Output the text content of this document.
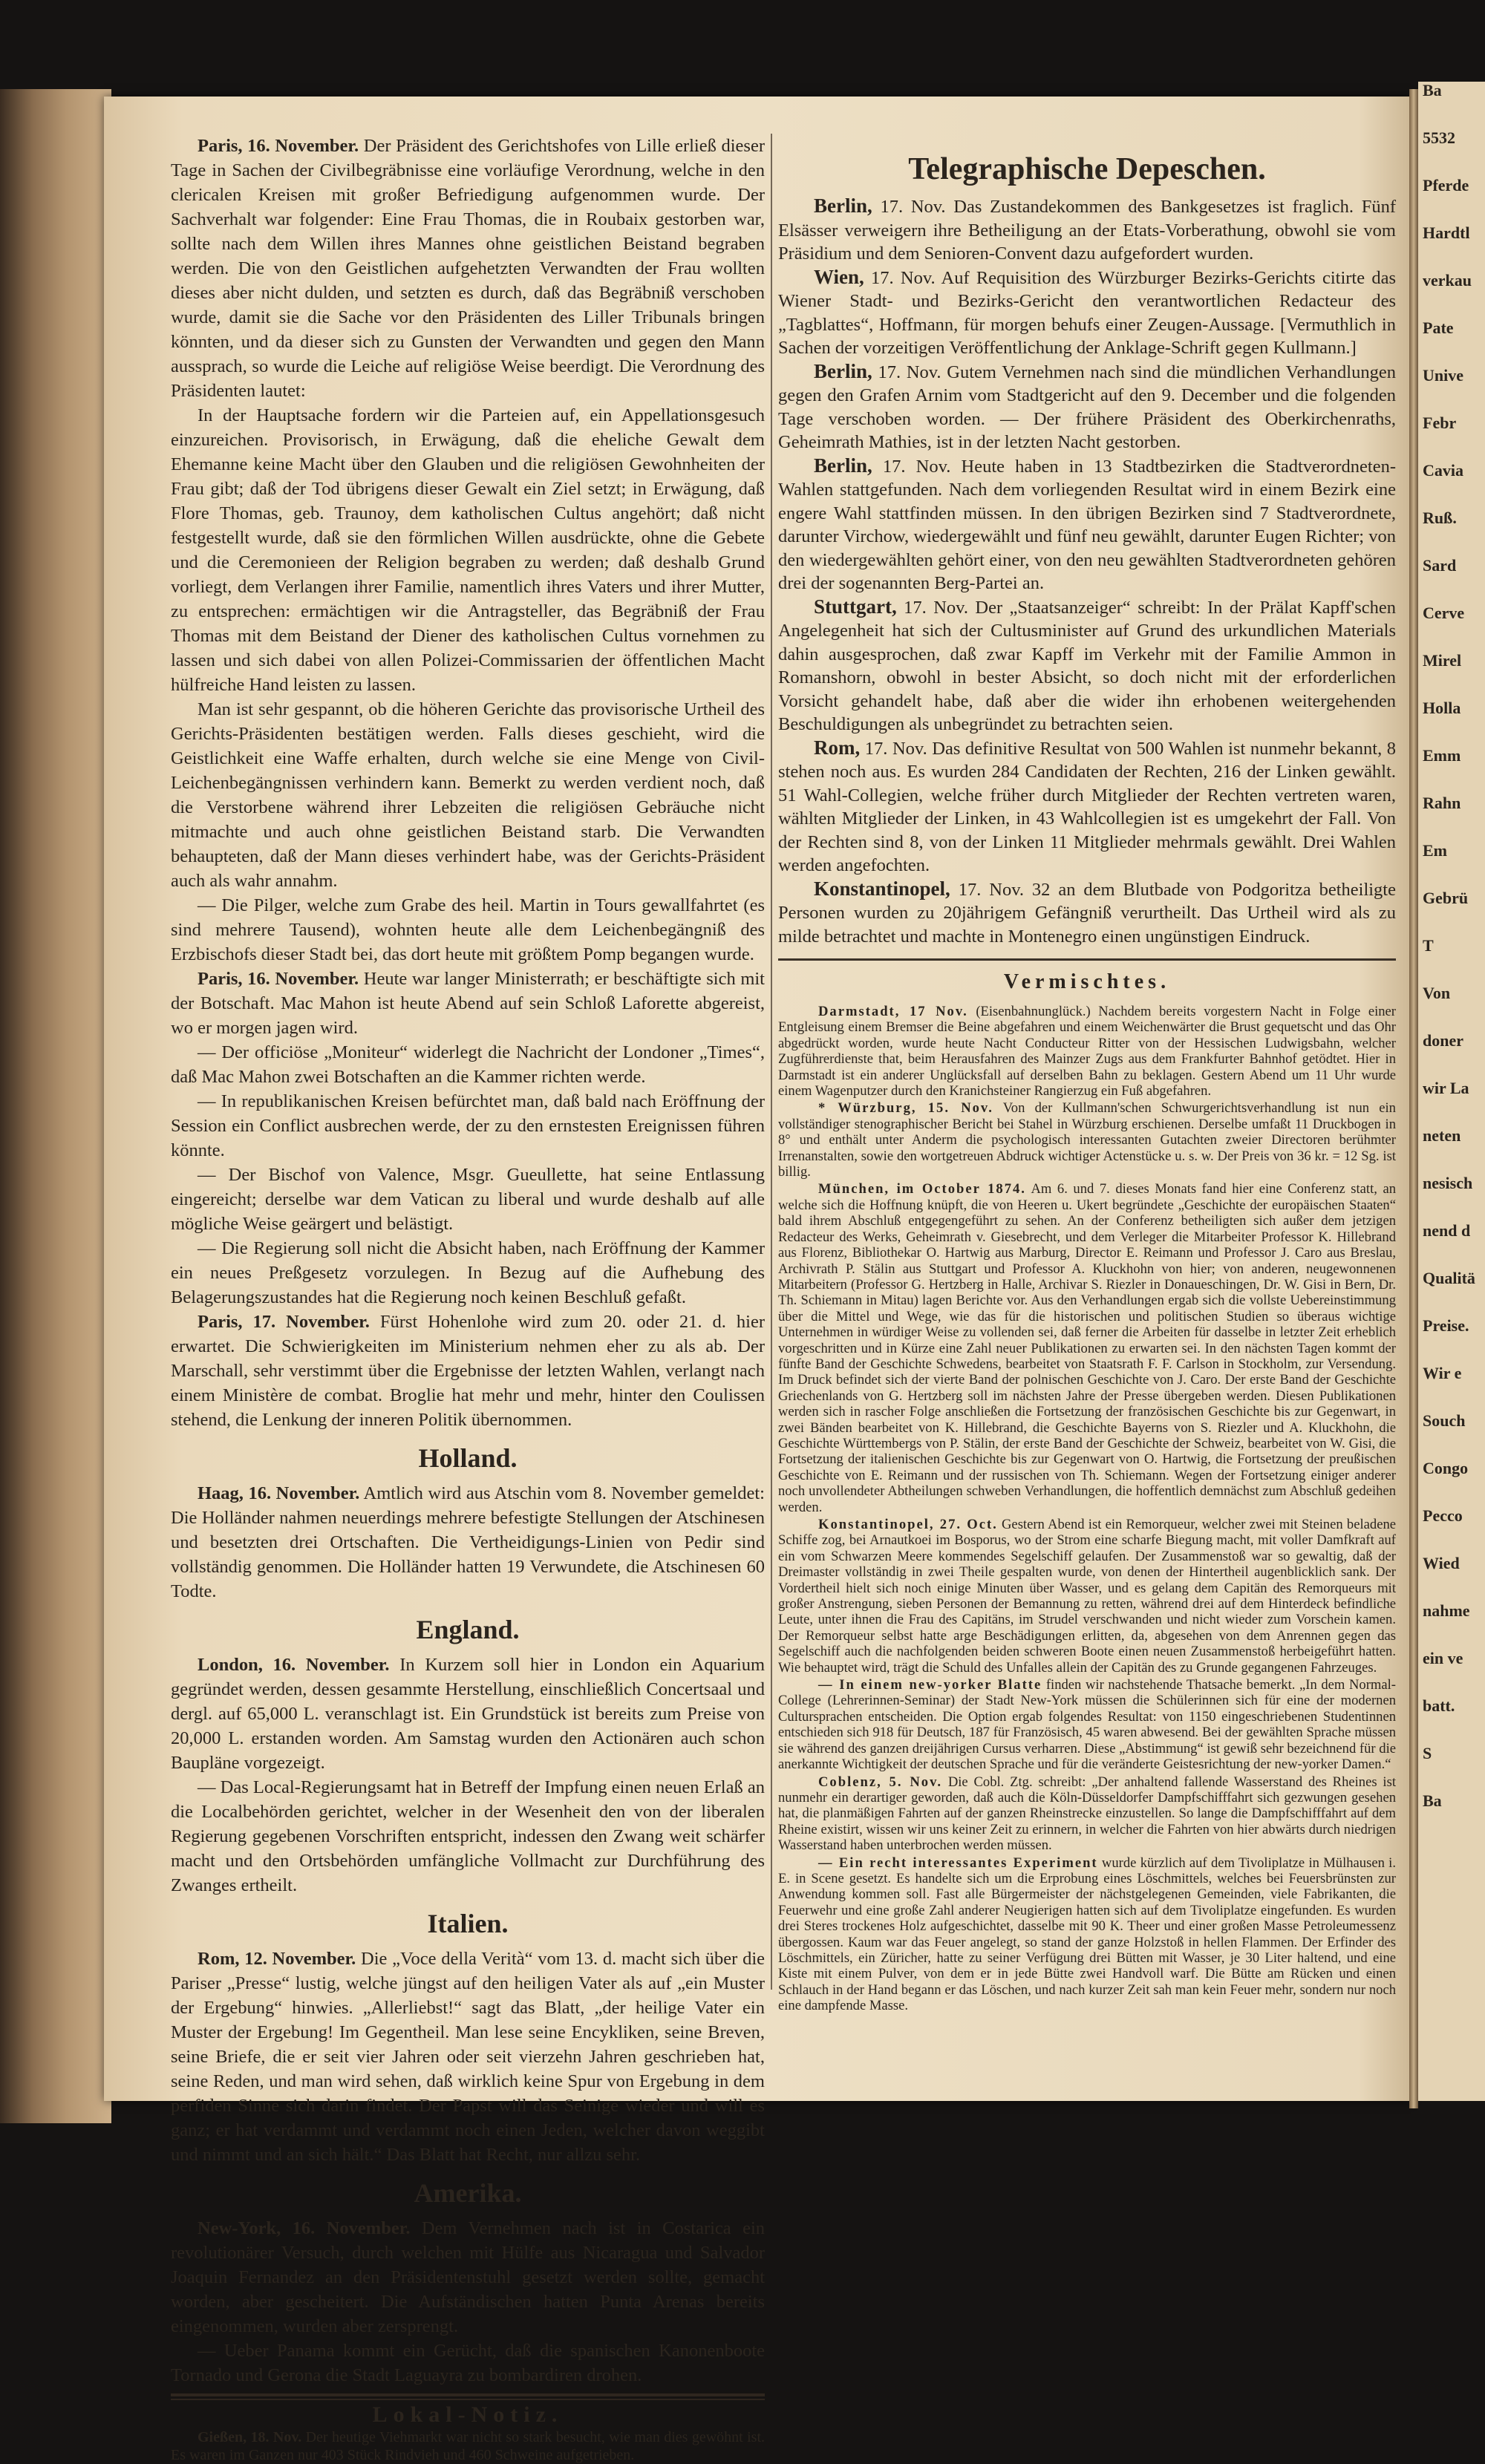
Ba
5532
Pferde
Hardtl
verkau
Pate
Unive
Febr
Cavia
Ruß.
Sard
Cerve
Mirel
Holla
Emm
Rahn
Em
Gebrü
T
Von
doner
wir La
neten
nesisch
nend d
Qualitä
Preise.
Wir e
Souch
Congo
Pecco
Wied
nahme
ein ve
batt.
S
Ba

Paris, 16. November. Der Präsident des Gerichtshofes von Lille erließ dieser Tage in Sachen der Civilbegräbnisse eine vorläufige Verordnung, welche in den clericalen Kreisen mit großer Befriedigung aufgenommen wurde. Der Sachverhalt war folgender: Eine Frau Thomas, die in Roubaix gestorben war, sollte nach dem Willen ihres Mannes ohne geistlichen Beistand begraben werden. Die von den Geistlichen aufgehetzten Verwandten der Frau wollten dieses aber nicht dulden, und setzten es durch, daß das Begräbniß verschoben wurde, damit sie die Sache vor den Präsidenten des Liller Tribunals bringen könnten, und da dieser sich zu Gunsten der Verwandten und gegen den Mann aussprach, so wurde die Leiche auf religiöse Weise beerdigt. Die Verordnung des Präsidenten lautet:

In der Hauptsache fordern wir die Parteien auf, ein Appellationsgesuch einzureichen. Provisorisch, in Erwägung, daß die eheliche Gewalt dem Ehemanne keine Macht über den Glauben und die religiösen Gewohnheiten der Frau gibt; daß der Tod übrigens dieser Gewalt ein Ziel setzt; in Erwägung, daß Flore Thomas, geb. Traunoy, dem katholischen Cultus angehört; daß nicht festgestellt wurde, daß sie den förmlichen Willen ausdrückte, ohne die Gebete und die Ceremonieen der Religion begraben zu werden; daß deshalb Grund vorliegt, dem Verlangen ihrer Familie, namentlich ihres Vaters und ihrer Mutter, zu entsprechen: ermächtigen wir die Antragsteller, das Begräbniß der Frau Thomas mit dem Beistand der Diener des katholischen Cultus vornehmen zu lassen und sich dabei von allen Polizei-Commissarien der öffentlichen Macht hülfreiche Hand leisten zu lassen.

Man ist sehr gespannt, ob die höheren Gerichte das provisorische Urtheil des Gerichts-Präsidenten bestätigen werden. Falls dieses geschieht, wird die Geistlichkeit eine Waffe erhalten, durch welche sie eine Menge von Civil-Leichenbegängnissen verhindern kann. Bemerkt zu werden verdient noch, daß die Verstorbene während ihrer Lebzeiten die religiösen Gebräuche nicht mitmachte und auch ohne geistlichen Beistand starb. Die Verwandten behaupteten, daß der Mann dieses verhindert habe, was der Gerichts-Präsident auch als wahr annahm.

— Die Pilger, welche zum Grabe des heil. Martin in Tours gewallfahrtet (es sind mehrere Tausend), wohnten heute alle dem Leichenbegängniß des Erzbischofs dieser Stadt bei, das dort heute mit größtem Pomp begangen wurde.

Paris, 16. November. Heute war langer Ministerrath; er beschäftigte sich mit der Botschaft. Mac Mahon ist heute Abend auf sein Schloß Laforette abgereist, wo er morgen jagen wird.

— Der officiöse „Moniteur“ widerlegt die Nachricht der Londoner „Times“, daß Mac Mahon zwei Botschaften an die Kammer richten werde.

— In republikanischen Kreisen befürchtet man, daß bald nach Eröffnung der Session ein Conflict ausbrechen werde, der zu den ernstesten Ereignissen führen könnte.

— Der Bischof von Valence, Msgr. Gueullette, hat seine Entlassung eingereicht; derselbe war dem Vatican zu liberal und wurde deshalb auf alle mögliche Weise geärgert und belästigt.

— Die Regierung soll nicht die Absicht haben, nach Eröffnung der Kammer ein neues Preßgesetz vorzulegen. In Bezug auf die Aufhebung des Belagerungszustandes hat die Regierung noch keinen Beschluß gefaßt.

Paris, 17. November. Fürst Hohenlohe wird zum 20. oder 21. d. hier erwartet. Die Schwierigkeiten im Ministerium nehmen eher zu als ab. Der Marschall, sehr verstimmt über die Ergebnisse der letzten Wahlen, verlangt nach einem Ministère de combat. Broglie hat mehr und mehr, hinter den Coulissen stehend, die Lenkung der inneren Politik übernommen.

Holland.

Haag, 16. November. Amtlich wird aus Atschin vom 8. November gemeldet: Die Holländer nahmen neuerdings mehrere befestigte Stellungen der Atschinesen und besetzten drei Ortschaften. Die Vertheidigungs-Linien von Pedir sind vollständig genommen. Die Holländer hatten 19 Verwundete, die Atschinesen 60 Todte.

England.

London, 16. November. In Kurzem soll hier in London ein Aquarium gegründet werden, dessen gesammte Herstellung, einschließlich Concertsaal und dergl. auf 65,000 L. veranschlagt ist. Ein Grundstück ist bereits zum Preise von 20,000 L. erstanden worden. Am Samstag wurden den Actionären auch schon Baupläne vorgezeigt.

— Das Local-Regierungsamt hat in Betreff der Impfung einen neuen Erlaß an die Localbehörden gerichtet, welcher in der Wesenheit den von der liberalen Regierung gegebenen Vorschriften entspricht, indessen den Zwang weit schärfer macht und den Ortsbehörden umfängliche Vollmacht zur Durchführung des Zwanges ertheilt.

Italien.

Rom, 12. November. Die „Voce della Verità“ vom 13. d. macht sich über die Pariser „Presse“ lustig, welche jüngst auf den heiligen Vater als auf „ein Muster der Ergebung“ hinwies. „Allerliebst!“ sagt das Blatt, „der heilige Vater ein Muster der Ergebung! Im Gegentheil. Man lese seine Encykliken, seine Breven, seine Briefe, die er seit vier Jahren oder seit vierzehn Jahren geschrieben hat, seine Reden, und man wird sehen, daß wirklich keine Spur von Ergebung in dem perfiden Sinne sich darin findet. Der Papst will das Seinige wieder und will es ganz; er hat verdammt und verdammt noch einen Jeden, welcher davon weggibt und nimmt und an sich hält.“ Das Blatt hat Recht, nur allzu sehr.

Amerika.

New-York, 16. November. Dem Vernehmen nach ist in Costarica ein revolutionärer Versuch, durch welchen mit Hülfe aus Nicaragua und Salvador Joaquin Fernandez an den Präsidentenstuhl gesetzt werden sollte, gemacht worden, aber gescheitert. Die Aufständischen hatten Punta Arenas bereits eingenommen, wurden aber zersprengt.

— Ueber Panama kommt ein Gerücht, daß die spanischen Kanonenboote Tornado und Gerona die Stadt Laguayra zu bombardiren drohen.

Lokal-Notiz.

Gießen, 18. Nov. Der heutige Viehmarkt war nicht so stark besucht, wie man dies gewöhnt ist. Es waren im Ganzen nur 403 Stück Rindvieh und 460 Schweine aufgetrieben.

Telegraphische Depeschen.

Berlin, 17. Nov. Das Zustandekommen des Bankgesetzes ist fraglich. Fünf Elsässer verweigern ihre Betheiligung an der Etats-Vorberathung, obwohl sie vom Präsidium und dem Senioren-Convent dazu aufgefordert wurden.

Wien, 17. Nov. Auf Requisition des Würzburger Bezirks-Gerichts citirte das Wiener Stadt- und Bezirks-Gericht den verantwortlichen Redacteur des „Tagblattes“, Hoffmann, für morgen behufs einer Zeugen-Aussage. [Vermuthlich in Sachen der vorzeitigen Veröffentlichung der Anklage-Schrift gegen Kullmann.]

Berlin, 17. Nov. Gutem Vernehmen nach sind die mündlichen Verhandlungen gegen den Grafen Arnim vom Stadtgericht auf den 9. December und die folgenden Tage verschoben worden. — Der frühere Präsident des Oberkirchenraths, Geheimrath Mathies, ist in der letzten Nacht gestorben.

Berlin, 17. Nov. Heute haben in 13 Stadtbezirken die Stadtverordneten-Wahlen stattgefunden. Nach dem vorliegenden Resultat wird in einem Bezirk eine engere Wahl stattfinden müssen. In den übrigen Bezirken sind 7 Stadtverordnete, darunter Virchow, wiedergewählt und fünf neu gewählt, darunter Eugen Richter; von den wiedergewählten gehört einer, von den neu gewählten Stadtverordneten gehören drei der sogenannten Berg-Partei an.

Stuttgart, 17. Nov. Der „Staatsanzeiger“ schreibt: In der Prälat Kapff'schen Angelegenheit hat sich der Cultusminister auf Grund des urkundlichen Materials dahin ausgesprochen, daß zwar Kapff im Verkehr mit der Familie Ammon in Romanshorn, obwohl in bester Absicht, so doch nicht mit der erforderlichen Vorsicht gehandelt habe, daß aber die wider ihn erhobenen weitergehenden Beschuldigungen als unbegründet zu betrachten seien.

Rom, 17. Nov. Das definitive Resultat von 500 Wahlen ist nunmehr bekannt, 8 stehen noch aus. Es wurden 284 Candidaten der Rechten, 216 der Linken gewählt. 51 Wahl-Collegien, welche früher durch Mitglieder der Rechten vertreten waren, wählten Mitglieder der Linken, in 43 Wahlcollegien ist es umgekehrt der Fall. Von der Rechten sind 8, von der Linken 11 Mitglieder mehrmals gewählt. Drei Wahlen werden angefochten.

Konstantinopel, 17. Nov. 32 an dem Blutbade von Podgoritza betheiligte Personen wurden zu 20jährigem Gefängniß verurtheilt. Das Urtheil wird als zu milde betrachtet und machte in Montenegro einen ungünstigen Eindruck.

Vermischtes.

Darmstadt, 17 Nov. (Eisenbahnunglück.) Nachdem bereits vorgestern Nacht in Folge einer Entgleisung einem Bremser die Beine abgefahren und einem Weichenwärter die Brust gequetscht und das Ohr abgedrückt worden, wurde heute Nacht Conducteur Ritter von der Hessischen Ludwigsbahn, welcher Zugführerdienste that, beim Herausfahren des Mainzer Zugs aus dem Frankfurter Bahnhof getödtet. Hier in Darmstadt ist ein anderer Unglücksfall auf derselben Bahn zu beklagen. Gestern Abend um 11 Uhr wurde einem Wagenputzer durch den Kranichsteiner Rangierzug ein Fuß abgefahren.

* Würzburg, 15. Nov. Von der Kullmann'schen Schwurgerichtsverhandlung ist nun ein vollständiger stenographischer Bericht bei Stahel in Würzburg erschienen. Derselbe umfaßt 11 Druckbogen in 8° und enthält unter Anderm die psychologisch interessanten Gutachten zweier Directoren berühmter Irrenanstalten, sowie den wortgetreuen Abdruck wichtiger Actenstücke u. s. w. Der Preis von 36 kr. = 12 Sg. ist billig.

München, im October 1874. Am 6. und 7. dieses Monats fand hier eine Conferenz statt, an welche sich die Hoffnung knüpft, die von Heeren u. Ukert begründete „Geschichte der europäischen Staaten“ bald ihrem Abschluß entgegengeführt zu sehen. An der Conferenz betheiligten sich außer dem jetzigen Redacteur des Werks, Geheimrath v. Giesebrecht, und dem Verleger die Mitarbeiter Professor K. Hillebrand aus Florenz, Bibliothekar O. Hartwig aus Marburg, Director E. Reimann und Professor J. Caro aus Breslau, Archivrath P. Stälin aus Stuttgart und Professor A. Kluckhohn von hier; von anderen, neugewonnenen Mitarbeitern (Professor G. Hertzberg in Halle, Archivar S. Riezler in Donaueschingen, Dr. W. Gisi in Bern, Dr. Th. Schiemann in Mitau) lagen Berichte vor. Aus den Verhandlungen ergab sich die vollste Uebereinstimmung über die Mittel und Wege, wie das für die historischen und politischen Studien so überaus wichtige Unternehmen in würdiger Weise zu vollenden sei, daß ferner die Arbeiten für dasselbe in letzter Zeit erheblich vorgeschritten und in Kürze eine Zahl neuer Publikationen zu erwarten sei. In den nächsten Tagen kommt der fünfte Band der Geschichte Schwedens, bearbeitet von Staatsrath F. F. Carlson in Stockholm, zur Versendung. Im Druck befindet sich der vierte Band der polnischen Geschichte von J. Caro. Der erste Band der Geschichte Griechenlands von G. Hertzberg soll im nächsten Jahre der Presse übergeben werden. Diesen Publikationen werden sich in rascher Folge anschließen die Fortsetzung der französischen Geschichte bis zur Gegenwart, in zwei Bänden bearbeitet von K. Hillebrand, die Geschichte Bayerns von S. Riezler und A. Kluckhohn, die Geschichte Württembergs von P. Stälin, der erste Band der Geschichte der Schweiz, bearbeitet von W. Gisi, die Fortsetzung der italienischen Geschichte bis zur Gegenwart von O. Hartwig, die Fortsetzung der preußischen Geschichte von E. Reimann und der russischen von Th. Schiemann. Wegen der Fortsetzung einiger anderer noch unvollendeter Abtheilungen schweben Verhandlungen, die hoffentlich demnächst zum Abschluß gedeihen werden.

Konstantinopel, 27. Oct. Gestern Abend ist ein Remorqueur, welcher zwei mit Steinen beladene Schiffe zog, bei Arnautkoei im Bosporus, wo der Strom eine scharfe Biegung macht, mit voller Damfkraft auf ein vom Schwarzen Meere kommendes Segelschiff gelaufen. Der Zusammenstoß war so gewaltig, daß der Dreimaster vollständig in zwei Theile gespalten wurde, von denen der Hintertheil augenblicklich sank. Der Vordertheil hielt sich noch einige Minuten über Wasser, und es gelang dem Capitän des Remorqueurs mit großer Anstrengung, sieben Personen der Bemannung zu retten, während drei auf dem Hinterdeck befindliche Leute, unter ihnen die Frau des Capitäns, im Strudel verschwanden und nicht wieder zum Vorschein kamen. Der Remorqueur selbst hatte arge Beschädigungen erlitten, da, abgesehen von dem Anrennen gegen das Segelschiff auch die nachfolgenden beiden schweren Boote einen neuen Zusammenstoß herbeigeführt hatten. Wie behauptet wird, trägt die Schuld des Unfalles allein der Capitän des zu Grunde gegangenen Fahrzeuges.

— In einem new-yorker Blatte finden wir nachstehende Thatsache bemerkt. „In dem Normal-College (Lehrerinnen-Seminar) der Stadt New-York müssen die Schülerinnen sich für eine der modernen Cultursprachen entscheiden. Die Option ergab folgendes Resultat: von 1150 eingeschriebenen Studentinnen entschieden sich 918 für Deutsch, 187 für Französisch, 45 waren abwesend. Bei der gewählten Sprache müssen sie während des ganzen dreijährigen Cursus verharren. Diese „Abstimmung“ ist gewiß sehr bezeichnend für die anerkannte Wichtigkeit der deutschen Sprache und für die veränderte Geistesrichtung der new-yorker Damen.“

Coblenz, 5. Nov. Die Cobl. Ztg. schreibt: „Der anhaltend fallende Wasserstand des Rheines ist nunmehr ein derartiger geworden, daß auch die Köln-Düsseldorfer Dampfschifffahrt sich gezwungen gesehen hat, die planmäßigen Fahrten auf der ganzen Rheinstrecke einzustellen. So lange die Dampfschifffahrt auf dem Rheine existirt, wissen wir uns keiner Zeit zu erinnern, in welcher die Fahrten von hier abwärts durch niedrigen Wasserstand haben unterbrochen werden müssen.

— Ein recht interessantes Experiment wurde kürzlich auf dem Tivoliplatze in Mülhausen i. E. in Scene gesetzt. Es handelte sich um die Erprobung eines Löschmittels, welches bei Feuersbrünsten zur Anwendung kommen soll. Fast alle Bürgermeister der nächstgelegenen Gemeinden, viele Fabrikanten, die Feuerwehr und eine große Zahl anderer Neugierigen hatten sich auf dem Tivoliplatze eingefunden. Es wurden drei Steres trockenes Holz aufgeschichtet, dasselbe mit 90 K. Theer und einer großen Masse Petroleumessenz übergossen. Kaum war das Feuer angelegt, so stand der ganze Holzstoß in hellen Flammen. Der Erfinder des Löschmittels, ein Züricher, hatte zu seiner Verfügung drei Bütten mit Wasser, je 30 Liter haltend, und eine Kiste mit einem Pulver, von dem er in jede Bütte zwei Handvoll warf. Die Bütte am Rücken und einen Schlauch in der Hand begann er das Löschen, und nach kurzer Zeit sah man kein Feuer mehr, sondern nur noch eine dampfende Masse.
